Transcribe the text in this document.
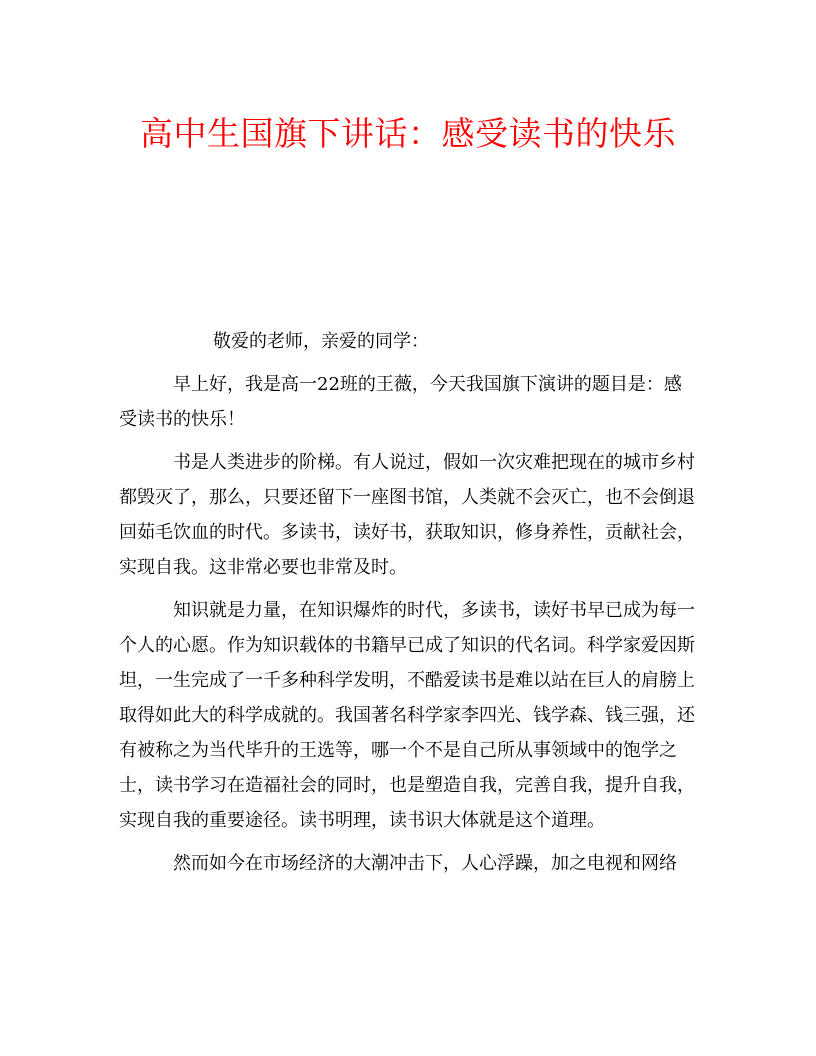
高中生国旗下讲话：感受读书的快乐

敬爱的老师，亲爱的同学：

早上好，我是高一22班的王薇，今天我国旗下演讲的题目是：感受读书的快乐！

书是人类进步的阶梯。有人说过，假如一次灾难把现在的城市乡村都毁灭了，那么，只要还留下一座图书馆，人类就不会灭亡，也不会倒退回茹毛饮血的时代。多读书，读好书，获取知识，修身养性，贡献社会，实现自我。这非常必要也非常及时。

知识就是力量，在知识爆炸的时代，多读书，读好书早已成为每一个人的心愿。作为知识载体的书籍早已成了知识的代名词。科学家爱因斯坦，一生完成了一千多种科学发明，不酷爱读书是难以站在巨人的肩膀上取得如此大的科学成就的。我国著名科学家李四光、钱学森、钱三强，还有被称之为当代毕升的王选等，哪一个不是自己所从事领域中的饱学之士，读书学习在造福社会的同时，也是塑造自我，完善自我，提升自我，实现自我的重要途径。读书明理，读书识大体就是这个道理。

然而如今在市场经济的大潮冲击下，人心浮躁，加之电视和网络
